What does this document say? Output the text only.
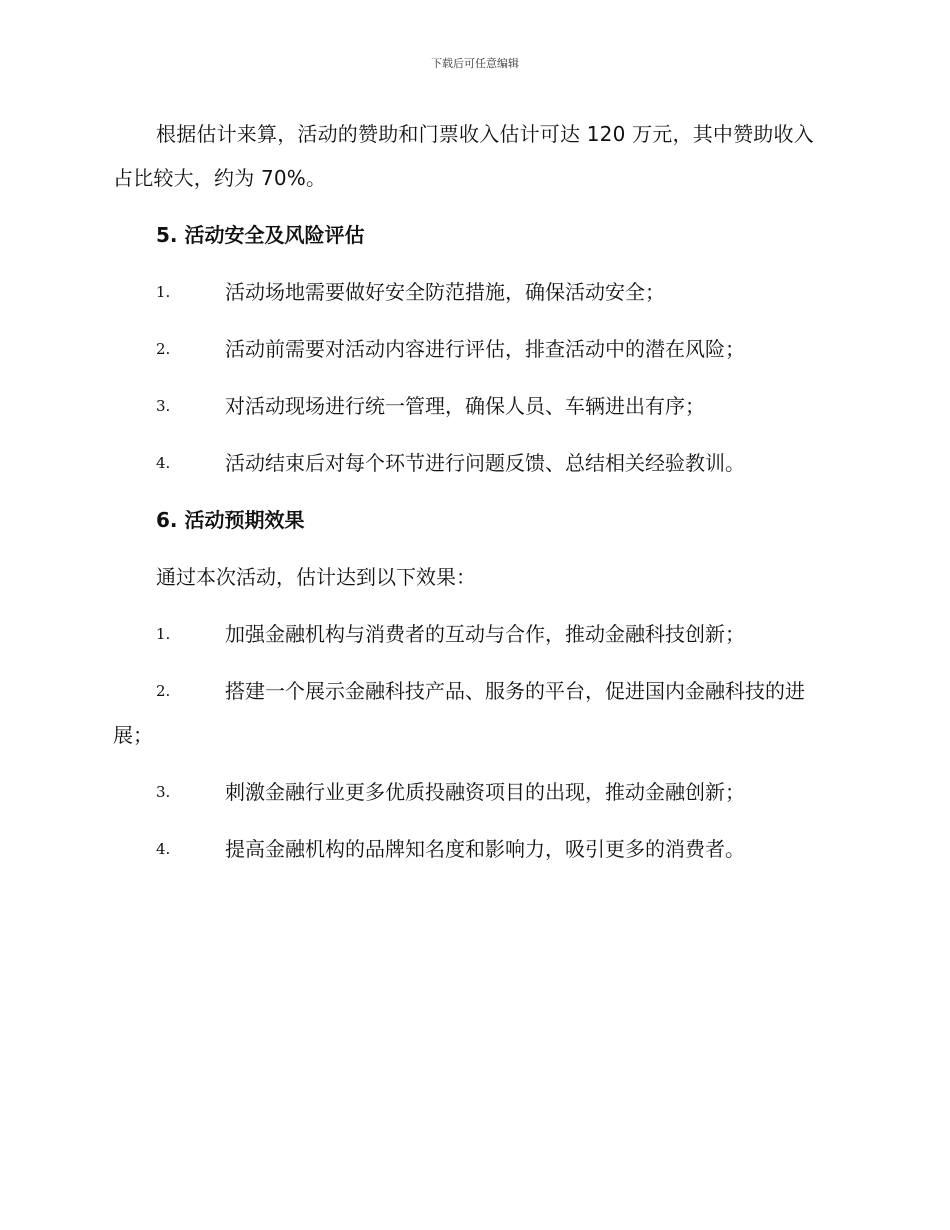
下载后可任意编辑

根据估计来算，活动的赞助和门票收入估计可达 120 万元，其中赞助收入占比较大，约为 70%。

5. 活动安全及风险评估
1.	活动场地需要做好安全防范措施，确保活动安全；
2.	活动前需要对活动内容进行评估，排查活动中的潜在风险；
3.	对活动现场进行统一管理，确保人员、车辆进出有序；
4.	活动结束后对每个环节进行问题反馈、总结相关经验教训。
6. 活动预期效果
通过本次活动，估计达到以下效果：
1.	加强金融机构与消费者的互动与合作，推动金融科技创新；
2.	搭建一个展示金融科技产品、服务的平台，促进国内金融科技的进展；
3.	刺激金融行业更多优质投融资项目的出现，推动金融创新；
4.	提高金融机构的品牌知名度和影响力，吸引更多的消费者。
